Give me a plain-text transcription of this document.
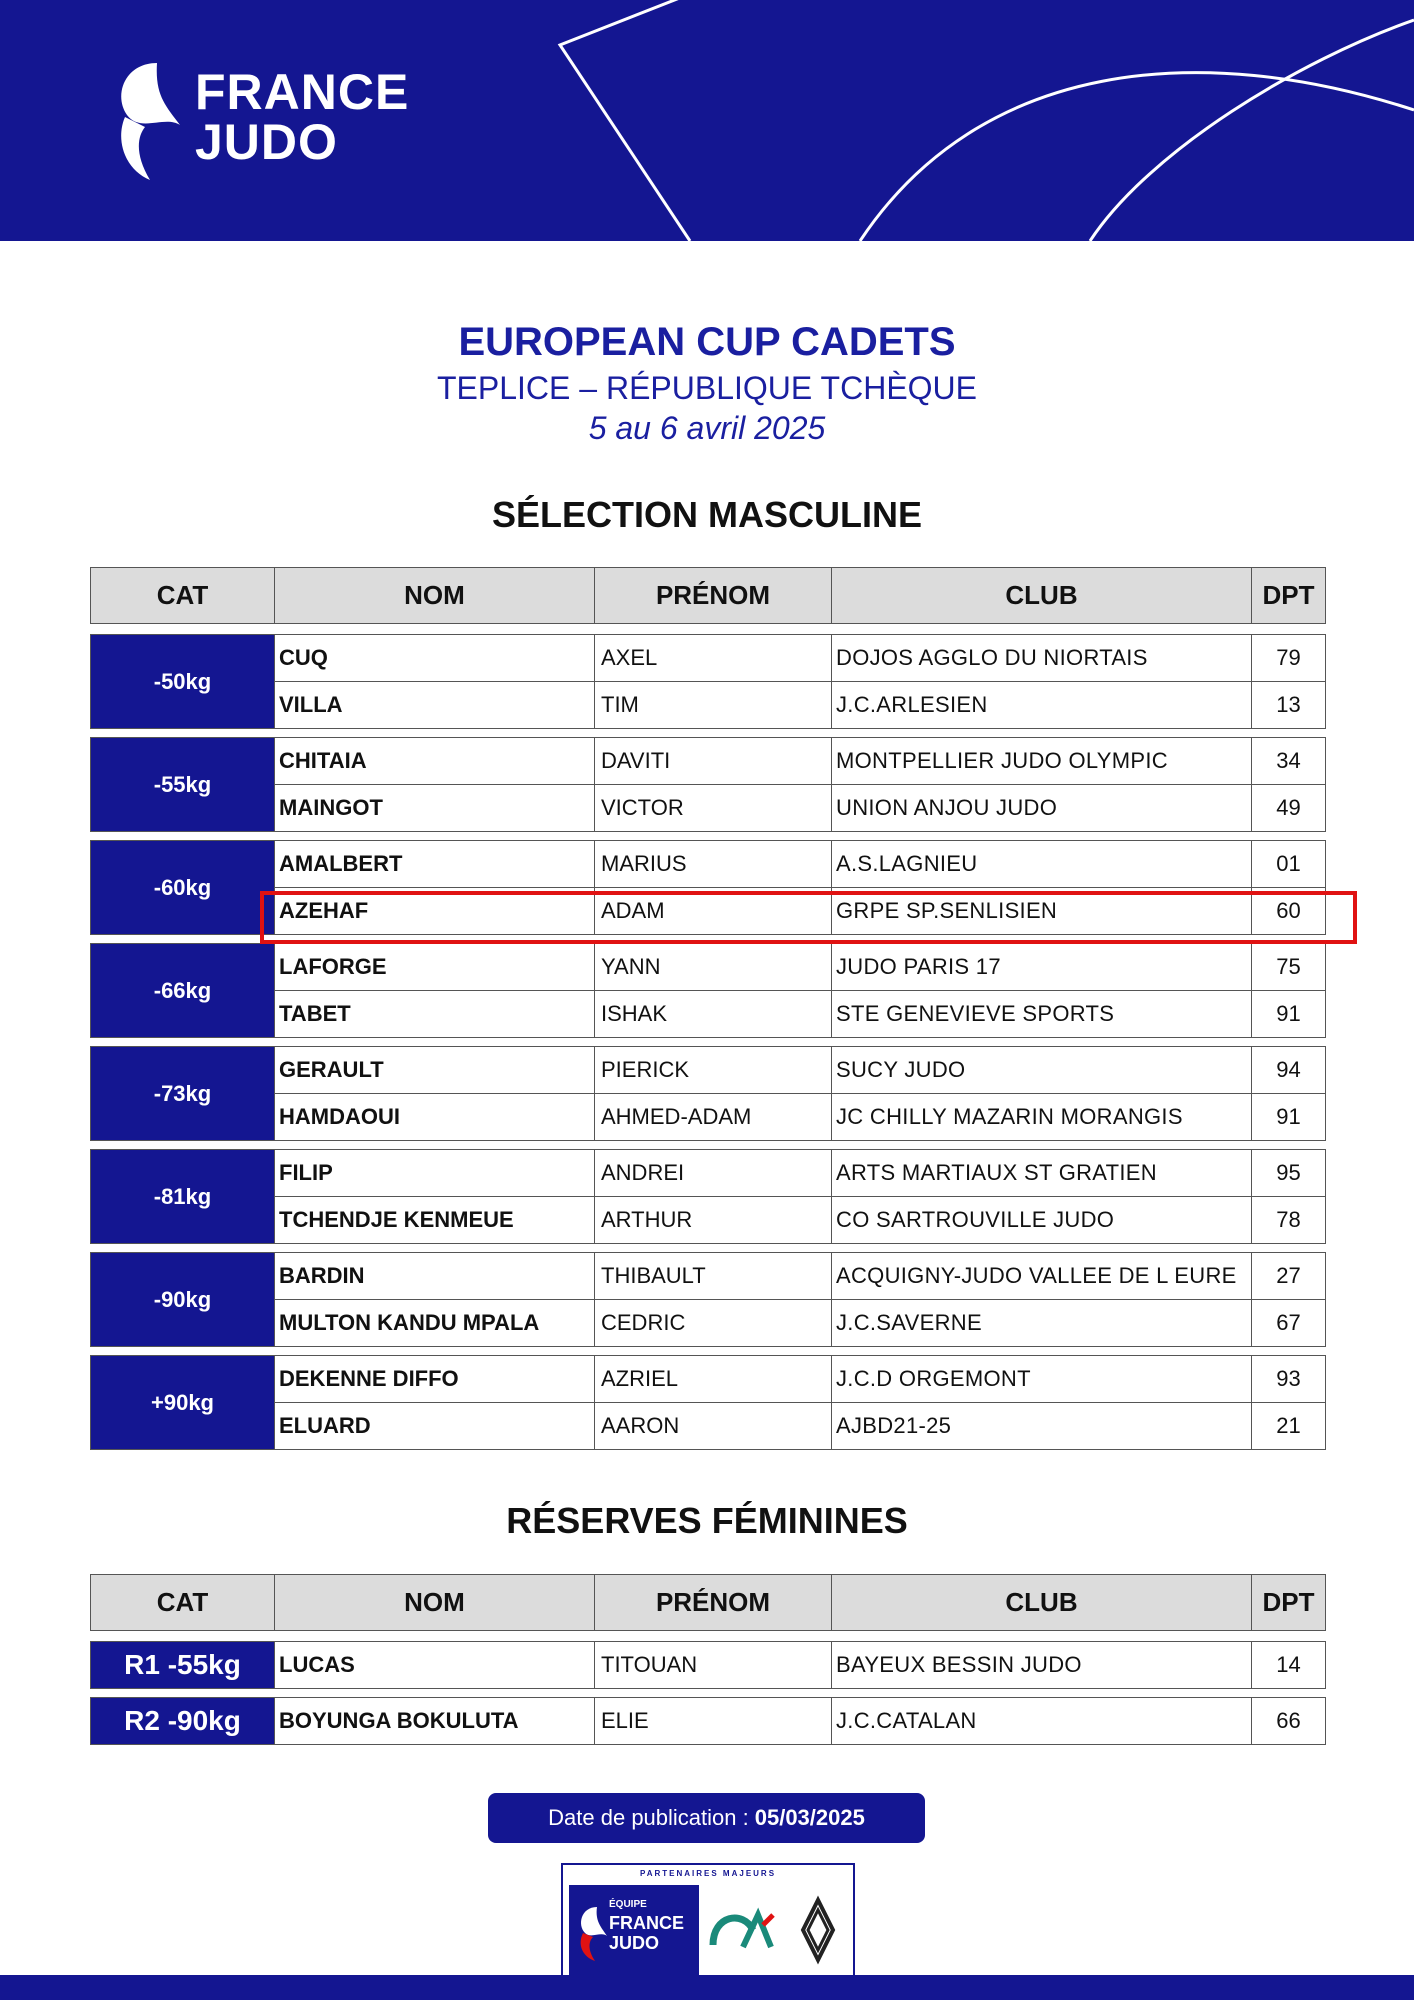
FRANCE
JUDO
EUROPEAN CUP CADETS
TEPLICE – RÉPUBLIQUE TCHÈQUE
5 au 6 avril 2025
SÉLECTION MASCULINE
CAT	NOM	PRÉNOM	CLUB	DPT
-50kg	CUQ	AXEL	DOJOS AGGLO DU NIORTAIS	79
	VILLA	TIM	J.C.ARLESIEN	13

-55kg	CHITAIA	DAVITI	MONTPELLIER JUDO OLYMPIC	34
	MAINGOT	VICTOR	UNION ANJOU JUDO	49

-60kg	AMALBERT	MARIUS	A.S.LAGNIEU	01
	AZEHAF	ADAM	GRPE SP.SENLISIEN	60

-66kg	LAFORGE	YANN	JUDO PARIS 17	75
	TABET	ISHAK	STE GENEVIEVE SPORTS	91

-73kg	GERAULT	PIERICK	SUCY JUDO	94
	HAMDAOUI	AHMED-ADAM	JC CHILLY MAZARIN MORANGIS	91

-81kg	FILIP	ANDREI	ARTS MARTIAUX ST GRATIEN	95
	TCHENDJE KENMEUE	ARTHUR	CO SARTROUVILLE JUDO	78

-90kg	BARDIN	THIBAULT	ACQUIGNY-JUDO VALLEE DE L EURE	27
	MULTON KANDU MPALA	CEDRIC	J.C.SAVERNE	67

+90kg	DEKENNE DIFFO	AZRIEL	J.C.D ORGEMONT	93
	ELUARD	AARON	AJBD21-25	21
RÉSERVES FÉMININES
CAT	NOM	PRÉNOM	CLUB	DPT
R1 -55kg	LUCAS	TITOUAN	BAYEUX BESSIN JUDO	14

R2 -90kg	BOYUNGA BOKULUTA	ELIE	J.C.CATALAN	66
Date de publication : 05/03/2025
PARTENAIRES MAJEURS
ÉQUIPE
FRANCE
JUDO
